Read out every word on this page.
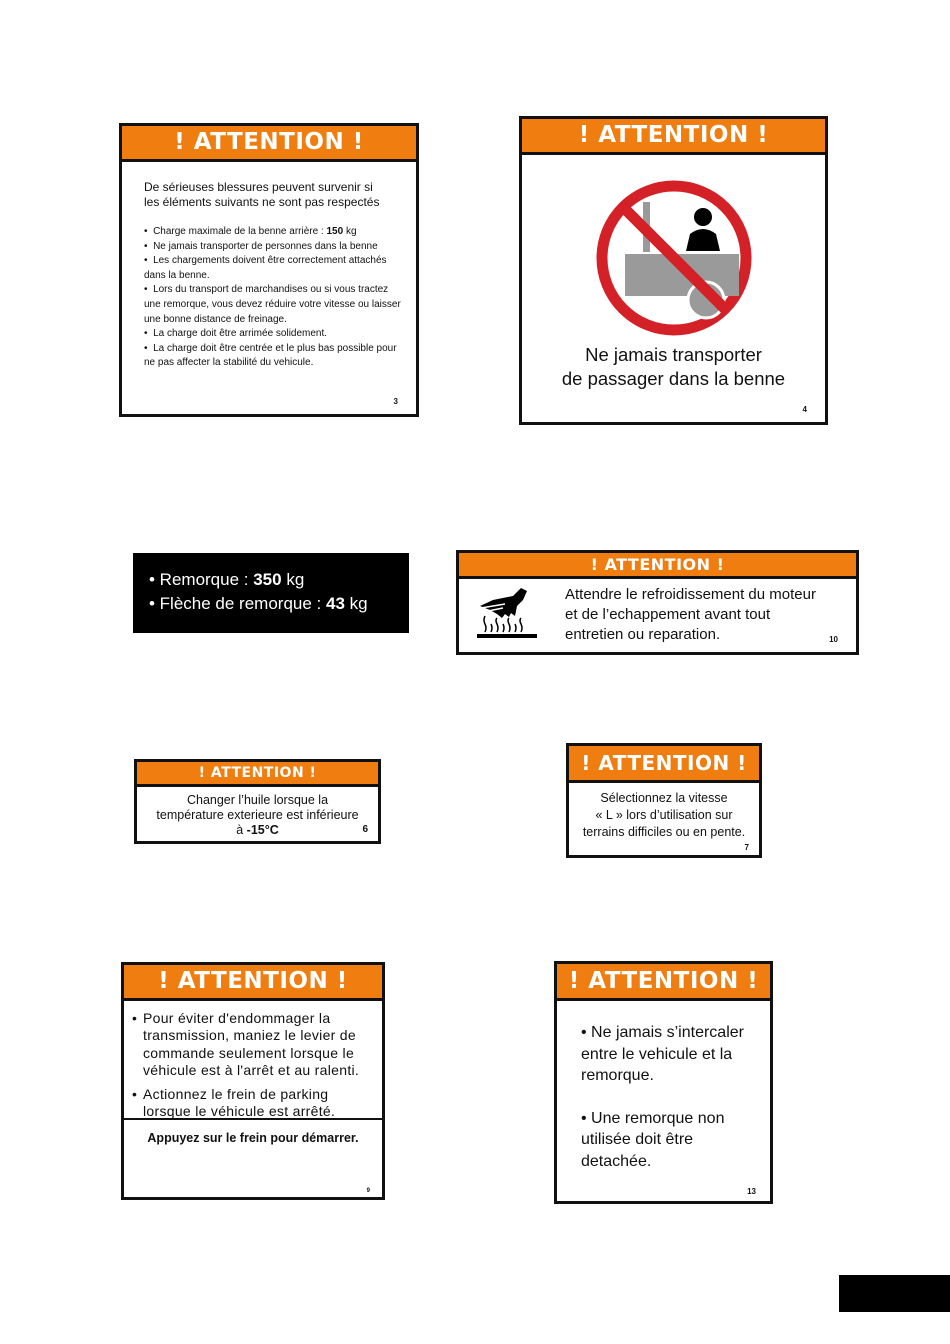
! ATTENTION !
De sérieuses blessures peuvent survenir si
les éléments suivants ne sont pas respectés
•  Charge maximale de la benne arrière : 150 kg
•  Ne jamais transporter de personnes dans la benne
•  Les chargements doivent être correctement attachés dans la benne.
•  Lors du transport de marchandises ou si vous tractez une remorque, vous devez réduire votre vitesse ou laisser une bonne distance de freinage.
•  La charge doit être arrimée solidement.
•  La charge doit être centrée et le plus bas possible pour ne pas affecter la stabilité du vehicule.
3
! ATTENTION !
Ne jamais transporter
de passager dans la benne
4
• Remorque : 350 kg
• Flèche de remorque : 43 kg
! ATTENTION !
Attendre le refroidissement du moteur
et de l’echappement avant tout
entretien ou reparation.	10
! ATTENTION !
Changer l’huile lorsque la
température exterieure est inférieure
à -15°C	6
! ATTENTION !
Sélectionnez la vitesse
« L » lors d’utilisation sur
terrains difficiles ou en pente.
7
! ATTENTION !
• Pour éviter d'endommager la transmission, maniez le levier de commande seulement lorsque le véhicule est à l'arrêt et au ralenti.
• Actionnez le frein de parking lorsque le véhicule est arrêté.
Appuyez sur le frein pour démarrer.
9
! ATTENTION !
• Ne jamais s’intercaler entre le vehicule et la remorque.
• Une remorque non utilisée doit être detachée.
13
